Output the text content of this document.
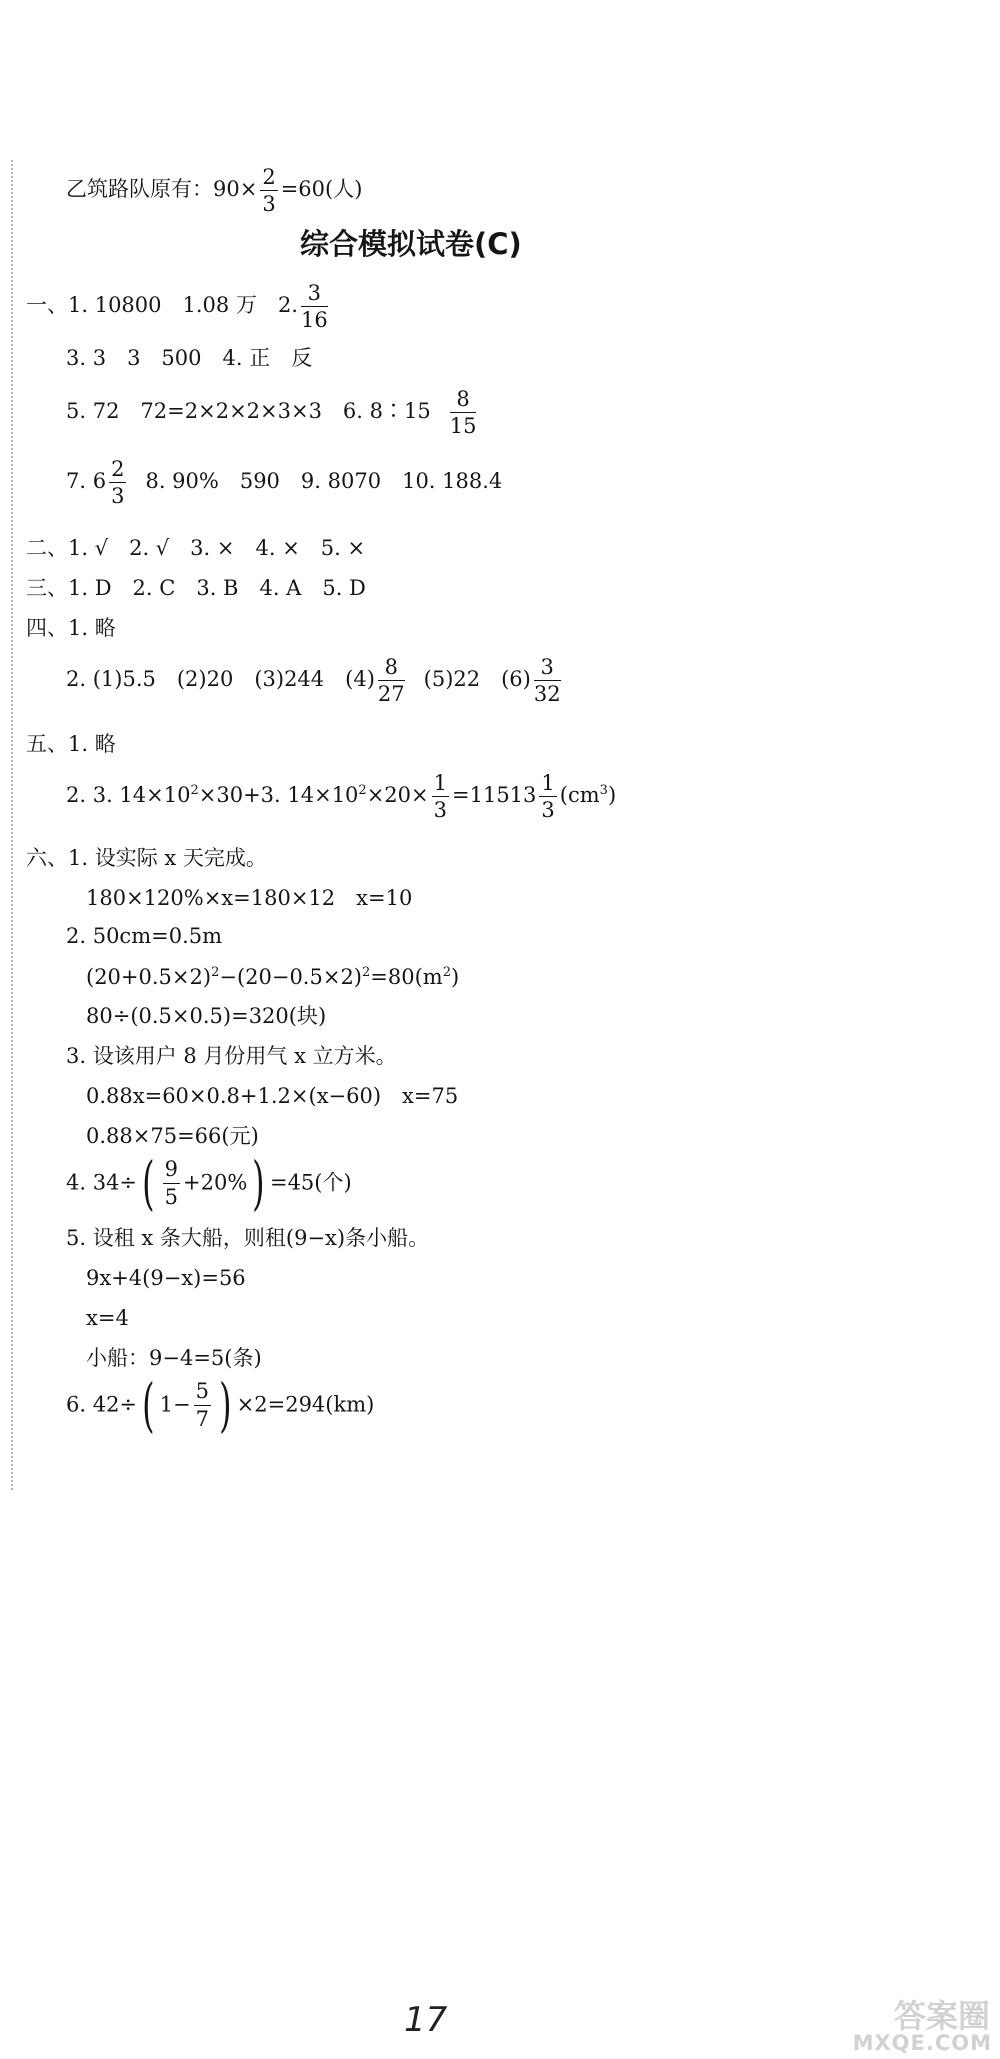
乙筑路队原有：$90\times \frac{2}{3} =60$(人)
综合模拟试卷(C)
一、1. 10800　1.08 万　2. $\frac{3}{16}$
3. 3　3　500　4. 正　反
5. 72　72=2×2×2×3×3　6. 8∶15 $\frac{8}{15}$
7. $6 \frac{2}{3} 8$. 90%　590　9. 8070　10. 188.4
二、1. √　2. √　3. ×　4. ×　5. ×
三、1. D　2. C　3. B　4. A　5. D
四、1. 略
2. (1)5.5　(2)20　(3)244　$(4) \frac{8}{27} (5)22$　$(6) \frac{3}{32}$
五、1. 略
2. 3. $14\times 10^2\times 30+3$. $14\times 10^2\times 20\times \frac{1}{3} =11513 \frac{1}{3} (cm^3)$
六、1. 设实际 x 天完成。
180×120%×x=180×12　x=10
2. 50cm=0.5m
$(20+0.5\times 2)^2-(20-0.5\times 2)^2=80(m^2)$
80÷(0.5×0.5)=320(块)
3. 设该用户 8 月份用气 x 立方米。
0.88x=60×0.8+1.2×(x−60)　x=75
0.88×75=66(元)
4. $34\div( \frac{9}{5} +20\%) =45$(个)
5. 设租 x 条大船，则租(9−x)条小船。
9x+4(9−x)=56
x=4
小船：9−4=5(条)
6. 42÷( $1- \frac{5}{7}$ ) ×2=294(km)
17	答案圈
MXQE.COM
